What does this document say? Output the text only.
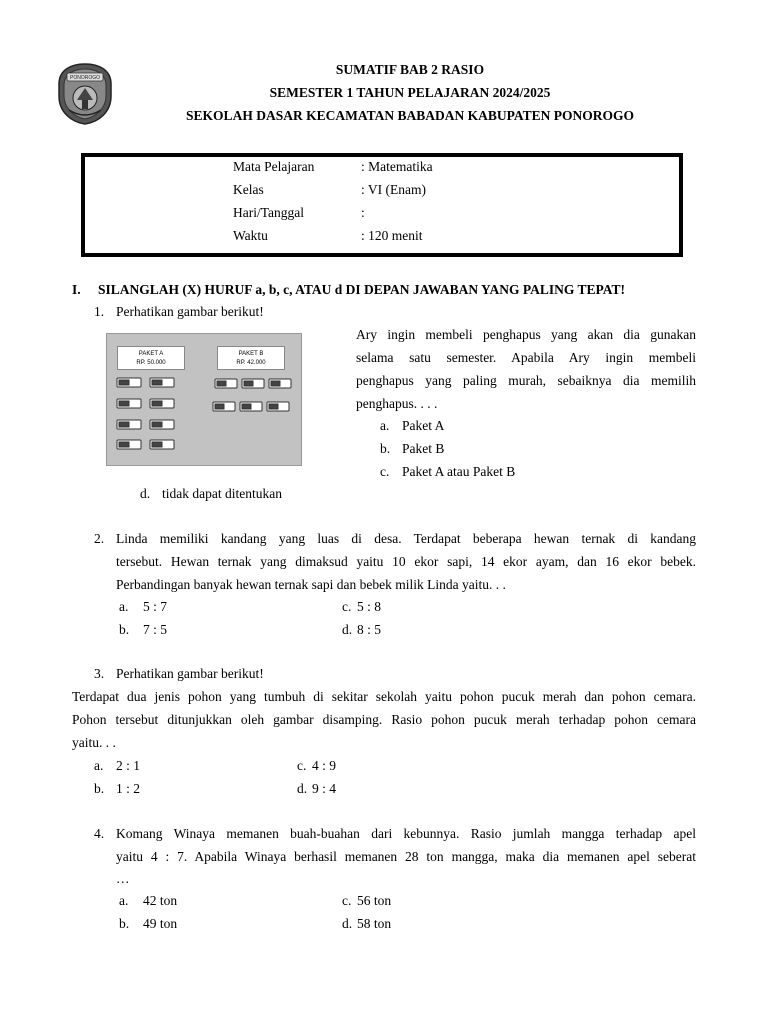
PONOROGO
SUMATIF BAB 2 RASIO
SEMESTER 1 TAHUN PELAJARAN 2024/2025
SEKOLAH DASAR KECAMATAN BABADAN KABUPATEN PONOROGO
Mata Pelajaran	: Matematika
Kelas	: VI (Enam)
Hari/Tanggal	:
Waktu	: 120 menit
I. SILANGLAH (X) HURUF a, b, c, ATAU d DI DEPAN JAWABAN YANG PALING TEPAT!
1. Perhatikan gambar berikut!
PAKET A
RP. 50.000
PAKET B
RP. 42.000
Ary ingin membeli penghapus yang akan dia gunakan
selama satu semester. Apabila Ary ingin membeli
penghapus yang paling murah, sebaiknya dia memilih
penghapus. . . .
a. Paket A
b. Paket B
c. Paket A atau Paket B
d. tidak dapat ditentukan
2. Linda memiliki kandang yang luas di desa. Terdapat beberapa hewan ternak di kandang
tersebut. Hewan ternak yang dimaksud yaitu 10 ekor sapi, 14 ekor ayam, dan 16 ekor bebek.
Perbandingan banyak hewan ternak sapi dan bebek milik Linda yaitu. . .
a. 5 : 7
b. 7 : 5
c. 5 : 8
d. 8 : 5
3. Perhatikan gambar berikut!
Terdapat dua jenis pohon yang tumbuh di sekitar sekolah yaitu pohon pucuk merah dan pohon cemara.
Pohon tersebut ditunjukkan oleh gambar disamping. Rasio pohon pucuk merah terhadap pohon cemara
yaitu. . .
a. 2 : 1
b. 1 : 2
c. 4 : 9
d. 9 : 4
4. Komang Winaya memanen buah-buahan dari kebunnya. Rasio jumlah mangga terhadap apel
yaitu 4 : 7. Apabila Winaya berhasil memanen 28 ton mangga, maka dia memanen apel seberat
…
a. 42 ton
b. 49 ton
c. 56 ton
d. 58 ton
